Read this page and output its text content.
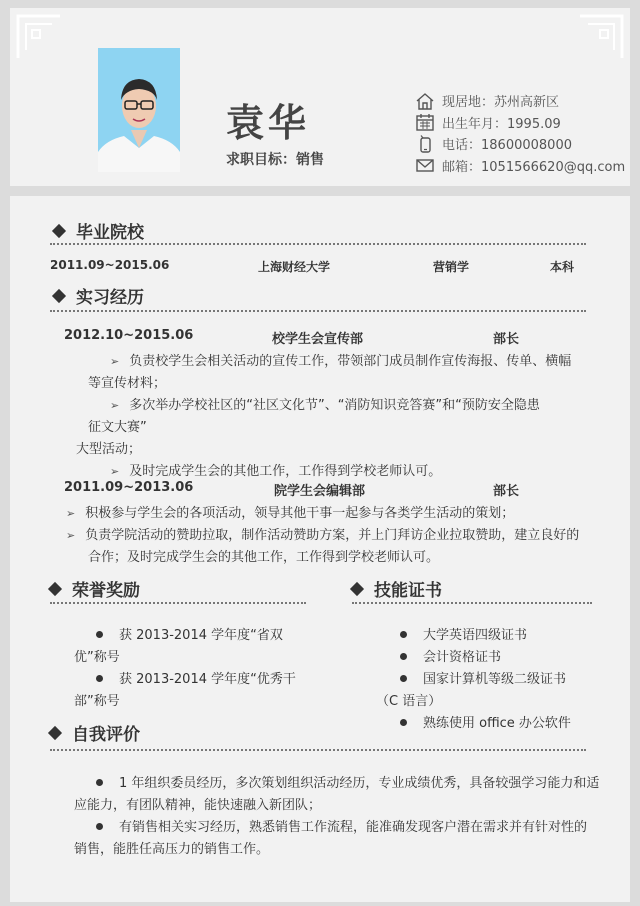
袁华
求职目标：销售
现居地：苏州高新区
出生年月：1995.09
电话：18600008000
邮箱：1051566620@qq.com
毕业院校
2011.09~2015.06	上海财经大学	营销学	本科
实习经历
2012.10~2015.06	校学生会宣传部	部长
➢ 负责校学生会相关活动的宣传工作，带领部门成员制作宣传海报、传单、横幅
等宣传材料；
➢ 多次举办学校社区的“社区文化节”、“消防知识竞答赛”和“预防安全隐患
征文大赛”
大型活动；
➢ 及时完成学生会的其他工作，工作得到学校老师认可。
2011.09~2013.06	院学生会编辑部	部长
➢ 积极参与学生会的各项活动，领导其他干事一起参与各类学生活动的策划；
➢ 负责学院活动的赞助拉取，制作活动赞助方案，并上门拜访企业拉取赞助，建立良好的
合作；及时完成学生会的其他工作，工作得到学校老师认可。
荣誉奖励
获 2013-2014 学年度“省双
优”称号
获 2013-2014 学年度“优秀干
部”称号
技能证书
大学英语四级证书
会计资格证书
国家计算机等级二级证书
（C 语言）
熟练使用 office 办公软件
自我评价
1 年组织委员经历，多次策划组织活动经历，专业成绩优秀，具备较强学习能力和适
应能力，有团队精神，能快速融入新团队；
有销售相关实习经历，熟悉销售工作流程，能准确发现客户潜在需求并有针对性的
销售，能胜任高压力的销售工作。
